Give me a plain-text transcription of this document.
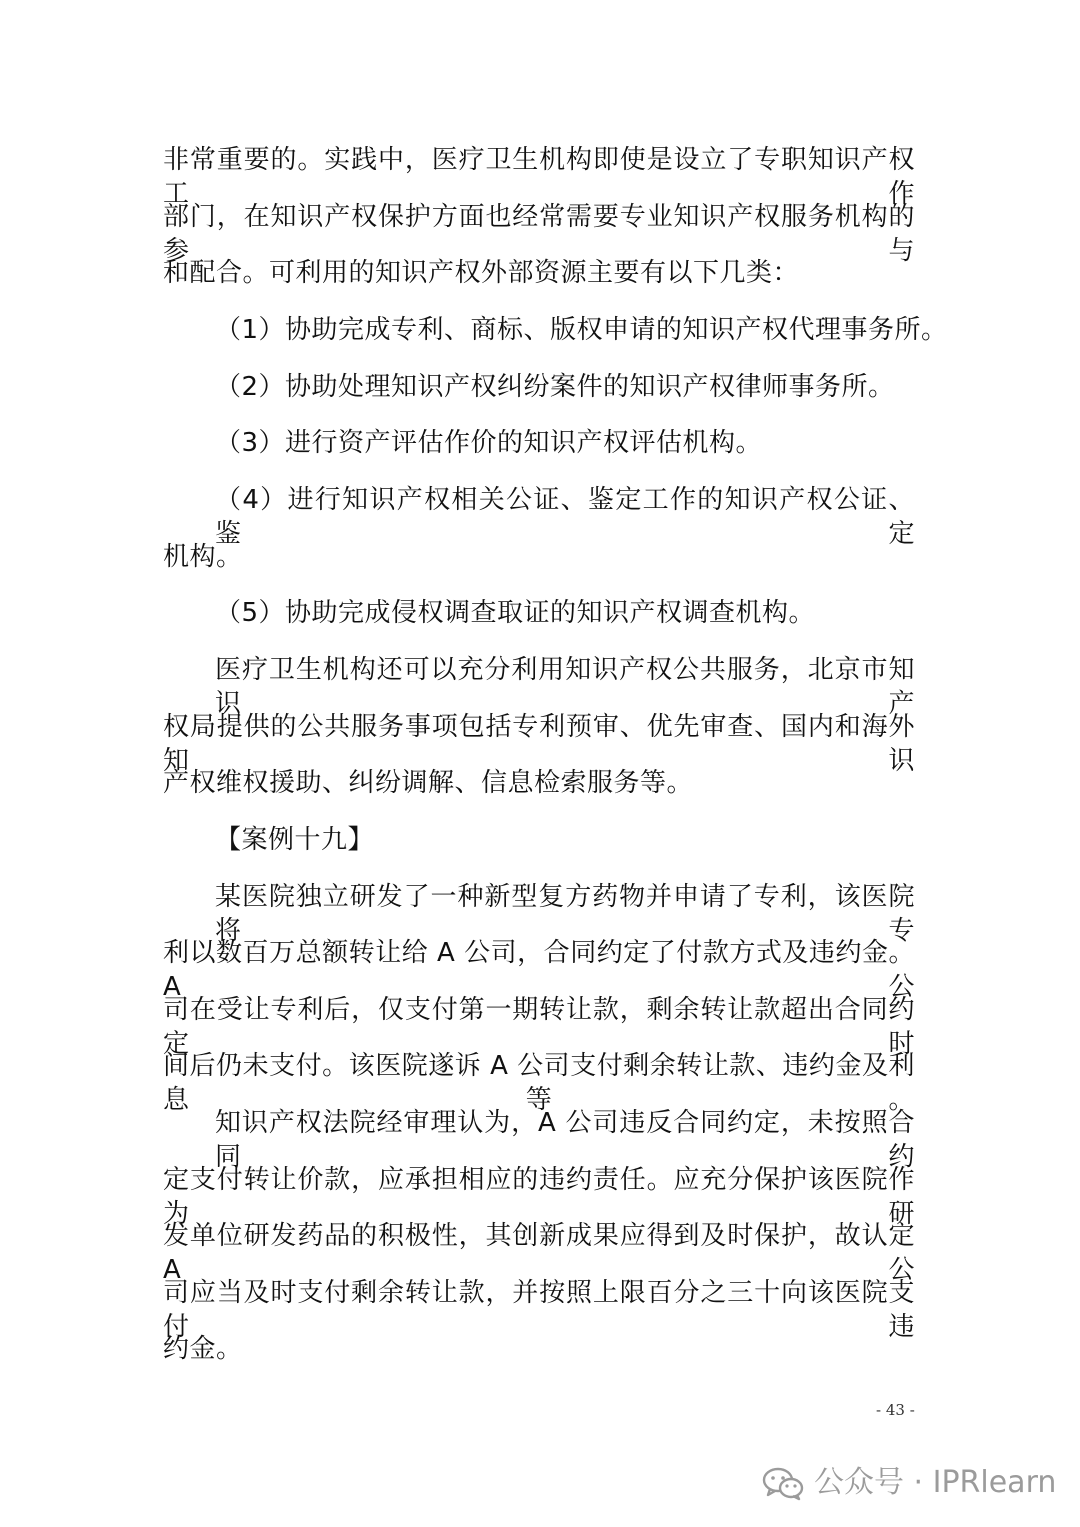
非常重要的。实践中，医疗卫生机构即使是设立了专职知识产权工作
部门，在知识产权保护方面也经常需要专业知识产权服务机构的参与
和配合。可利用的知识产权外部资源主要有以下几类：
（1）协助完成专利、商标、版权申请的知识产权代理事务所。
（2）协助处理知识产权纠纷案件的知识产权律师事务所。
（3）进行资产评估作价的知识产权评估机构。
（4）进行知识产权相关公证、鉴定工作的知识产权公证、鉴定
机构。
（5）协助完成侵权调查取证的知识产权调查机构。
医疗卫生机构还可以充分利用知识产权公共服务，北京市知识产
权局提供的公共服务事项包括专利预审、优先审查、国内和海外知识
产权维权援助、纠纷调解、信息检索服务等。
【案例十九】
某医院独立研发了一种新型复方药物并申请了专利，该医院将专
利以数百万总额转让给 A 公司，合同约定了付款方式及违约金。A 公
司在受让专利后，仅支付第一期转让款，剩余转让款超出合同约定时
间后仍未支付。该医院遂诉 A 公司支付剩余转让款、违约金及利息等。
知识产权法院经审理认为，A 公司违反合同约定，未按照合同约
定支付转让价款，应承担相应的违约责任。应充分保护该医院作为研
发单位研发药品的积极性，其创新成果应得到及时保护，故认定 A 公
司应当及时支付剩余转让款，并按照上限百分之三十向该医院支付违
约金。
- 43 -
公众号 · IPRlearn
